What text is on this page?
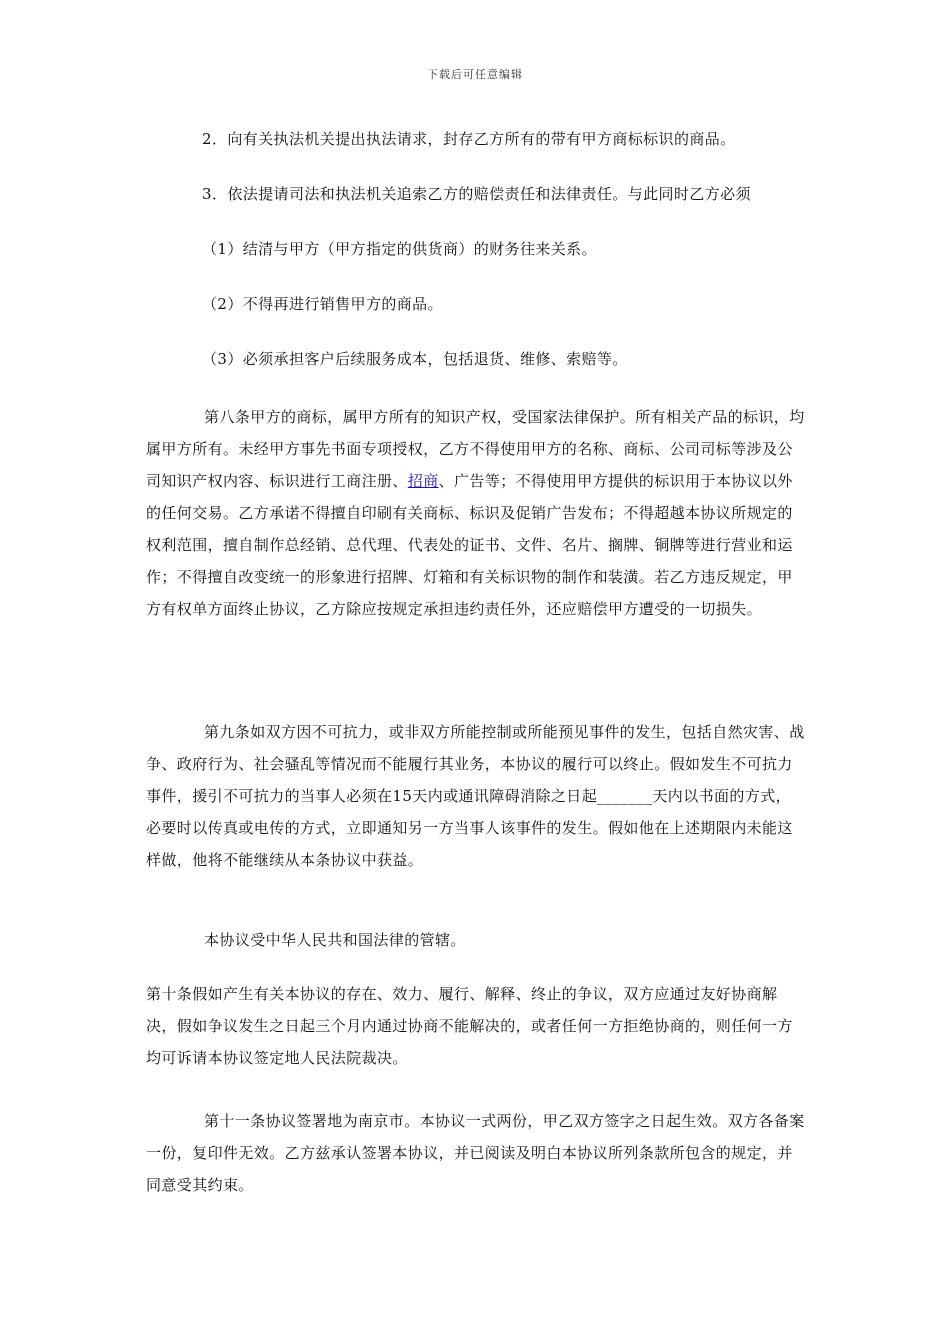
下载后可任意编辑

2．向有关执法机关提出执法请求，封存乙方所有的带有甲方商标标识的商品。

3．依法提请司法和执法机关追索乙方的赔偿责任和法律责任。与此同时乙方必须

（1）结清与甲方（甲方指定的供货商）的财务往来关系。

（2）不得再进行销售甲方的商品。

（3）必须承担客户后续服务成本，包括退货、维修、索赔等。

第八条甲方的商标，属甲方所有的知识产权，受国家法律保护。所有相关产品的标识，均属甲方所有。未经甲方事先书面专项授权，乙方不得使用甲方的名称、商标、公司司标等涉及公司知识产权内容、标识进行工商注册、招商、广告等；不得使用甲方提供的标识用于本协议以外的任何交易。乙方承诺不得擅自印刷有关商标、标识及促销广告发布；不得超越本协议所规定的权利范围，擅自制作总经销、总代理、代表处的证书、文件、名片、搁牌、铜牌等进行营业和运作；不得擅自改变统一的形象进行招牌、灯箱和有关标识物的制作和装潢。若乙方违反规定，甲方有权单方面终止协议，乙方除应按规定承担违约责任外，还应赔偿甲方遭受的一切损失。

第九条如双方因不可抗力，或非双方所能控制或所能预见事件的发生，包括自然灾害、战争、政府行为、社会骚乱等情况而不能履行其业务，本协议的履行可以终止。假如发生不可抗力事件，援引不可抗力的当事人必须在15天内或通讯障碍消除之日起_______天内以书面的方式，必要时以传真或电传的方式，立即通知另一方当事人该事件的发生。假如他在上述期限内未能这样做，他将不能继续从本条协议中获益。

本协议受中华人民共和国法律的管辖。

第十条假如产生有关本协议的存在、效力、履行、解释、终止的争议，双方应通过友好协商解决，假如争议发生之日起三个月内通过协商不能解决的，或者任何一方拒绝协商的，则任何一方均可诉请本协议签定地人民法院裁决。

第十一条协议签署地为南京市。本协议一式两份，甲乙双方签字之日起生效。双方各备案一份，复印件无效。乙方兹承认签署本协议，并已阅读及明白本协议所列条款所包含的规定，并同意受其约束。
